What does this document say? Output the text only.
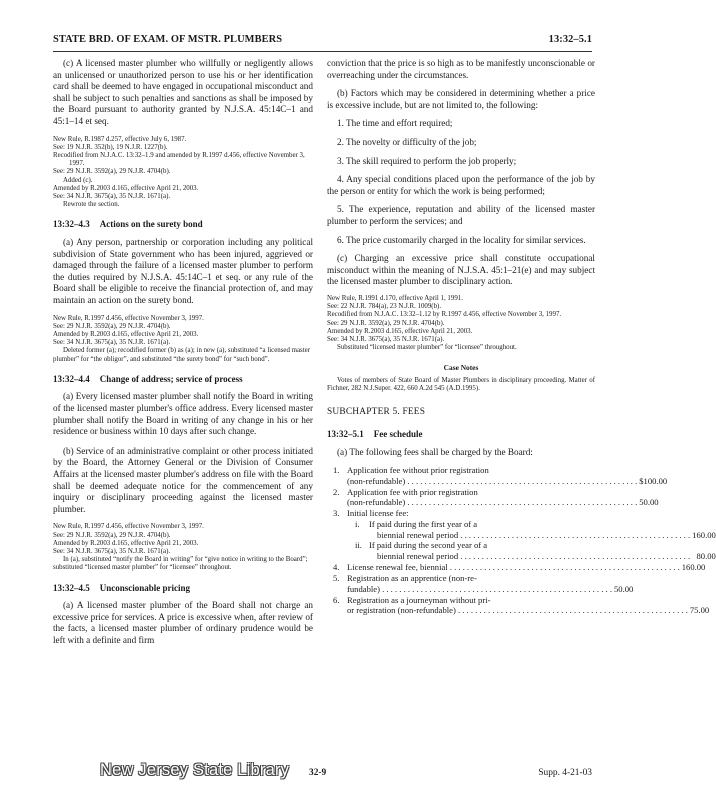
STATE BRD. OF EXAM. OF MSTR. PLUMBERS	13:32–5.1

(c) A licensed master plumber who willfully or negligently allows an unlicensed or unauthorized person to use his or her identification card shall be deemed to have engaged in occupational misconduct and shall be subject to such penalties and sanctions as shall be imposed by the Board pursuant to authority granted by N.J.S.A. 45:14C–1 and 45:1–14 et seq.

New Rule, R.1987 d.257, effective July 6, 1987.
See: 19 N.J.R. 352(b), 19 N.J.R. 1227(b).
Recodified from N.J.A.C. 13:32–1.9 and amended by R.1997 d.456, effective November 3, 1997.
See: 29 N.J.R. 3592(a), 29 N.J.R. 4704(b).
Added (c).
Amended by R.2003 d.165, effective April 21, 2003.
See: 34 N.J.R. 3675(a), 35 N.J.R. 1671(a).
Rewrote the section.
13:32–4.3 Actions on the surety bond

(a) Any person, partnership or corporation including any political subdivision of State government who has been injured, aggrieved or damaged through the failure of a licensed master plumber to perform the duties required by N.J.S.A. 45:14C–1 et seq. or any rule of the Board shall be eligible to receive the financial protection of, and may maintain an action on the surety bond.

New Rule, R.1997 d.456, effective November 3, 1997.
See: 29 N.J.R. 3592(a), 29 N.J.R. 4704(b).
Amended by R.2003 d.165, effective April 21, 2003.
See: 34 N.J.R. 3675(a), 35 N.J.R. 1671(a).
Deleted former (a); recodified former (b) as (a); in new (a), substituted “a licensed master plumber” for “the obligor”, and substituted “the surety bond” for “such bond”.
13:32–4.4 Change of address; service of process

(a) Every licensed master plumber shall notify the Board in writing of the licensed master plumber's office address. Every licensed master plumber shall notify the Board in writing of any change in his or her residence or business within 10 days after such change.

(b) Service of an administrative complaint or other process initiated by the Board, the Attorney General or the Division of Consumer Affairs at the licensed master plumber's address on file with the Board shall be deemed adequate notice for the commencement of any inquiry or disciplinary proceeding against the licensed master plumber.

New Rule, R.1997 d.456, effective November 3, 1997.
See: 29 N.J.R. 3592(a), 29 N.J.R. 4704(b).
Amended by R.2003 d.165, effective April 21, 2003.
See: 34 N.J.R. 3675(a), 35 N.J.R. 1671(a).
In (a), substituted “notify the Board in writing” for “give notice in writing to the Board”; substituted “licensed master plumber” for “licensee” throughout.
13:32–4.5 Unconscionable pricing

(a) A licensed master plumber of the Board shall not charge an excessive price for services. A price is excessive when, after review of the facts, a licensed master plumber of ordinary prudence would be left with a definite and firm

conviction that the price is so high as to be manifestly unconscionable or overreaching under the circumstances.

(b) Factors which may be considered in determining whether a price is excessive include, but are not limited to, the following:

1. The time and effort required;

2. The novelty or difficulty of the job;

3. The skill required to perform the job properly;

4. Any special conditions placed upon the performance of the job by the person or entity for which the work is being performed;

5. The experience, reputation and ability of the licensed master plumber to perform the services; and

6. The price customarily charged in the locality for similar services.

(c) Charging an excessive price shall constitute occupational misconduct within the meaning of N.J.S.A. 45:1–21(e) and may subject the licensed master plumber to disciplinary action.

New Rule, R.1991 d.170, effective April 1, 1991.
See: 22 N.J.R. 784(a), 23 N.J.R. 1009(b).
Recodified from N.J.A.C. 13:32–1.12 by R.1997 d.456, effective November 3, 1997.
See: 29 N.J.R. 3592(a), 29 N.J.R. 4704(b).
Amended by R.2003 d.165, effective April 21, 2003.
See: 34 N.J.R. 3675(a), 35 N.J.R. 1671(a).
Substituted “licensed master plumber” for “licensee” throughout.
Case Notes

Votes of members of State Board of Master Plumbers in disciplinary proceeding. Matter of Fichner, 282 N.J.Super. 422, 660 A.2d 545 (A.D.1995).

SUBCHAPTER 5. FEES
13:32–5.1 Fee schedule

(a) The following fees shall be charged by the Board:

1. Application fee without prior registration
(non-refundable) . . .	$100.00
2. Application fee with prior registration
(non-refundable) . . .	50.00
3. Initial license fee:
i.	If paid during the first year of a
biennial renewal period . . .	160.00
ii. If paid during the second year of a
biennial renewal period . . .	80.00
4. License renewal fee, biennial . . .	160.00
5. Registration as an apprentice (non-re-
fundable) . . .	50.00
6. Registration as a journeyman without pri-
or registration (non-refundable) . . .	75.00
New Jersey State Library 32-9	Supp. 4-21-03
